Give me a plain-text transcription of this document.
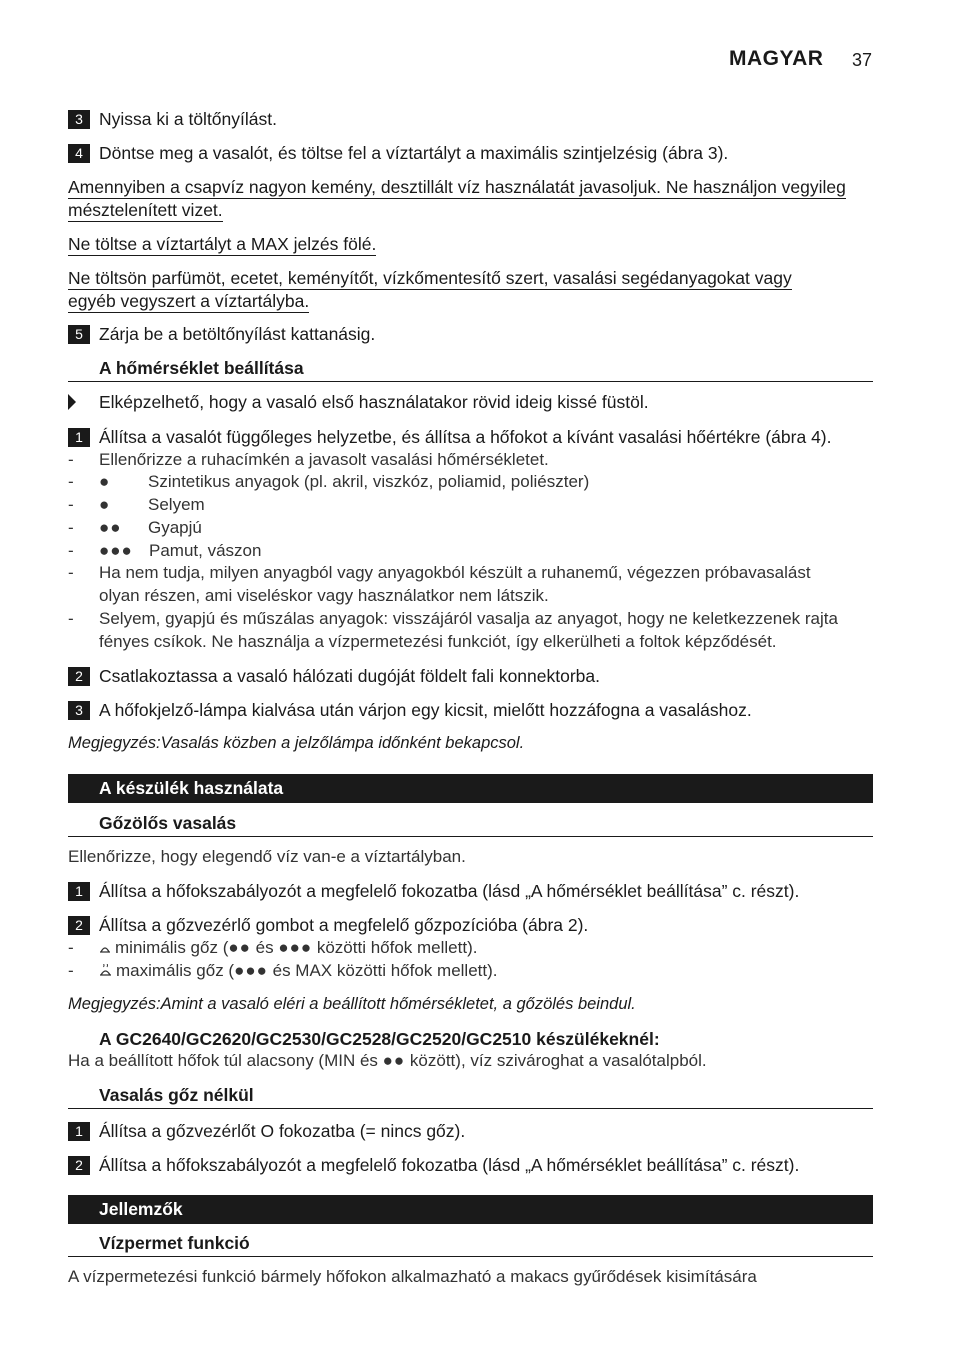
MAGYAR 37
3 Nyissa ki a töltőnyílást.
4 Döntse meg a vasalót, és töltse fel a víztartályt a maximális szintjelzésig (ábra 3).
Amennyiben a csapvíz nagyon kemény, desztillált víz használatát javasoljuk. Ne használjon vegyileg
mésztelenített vizet.
Ne töltse a víztartályt a MAX jelzés fölé.
Ne töltsön parfümöt, ecetet, keményítőt, vízkőmentesítő szert, vasalási segédanyagokat vagy
egyéb vegyszert a víztartályba.
5 Zárja be a betöltőnyílást kattanásig.
A hőmérséklet beállítása
Elképzelhető, hogy a vasaló első használatakor rövid ideig kissé füstöl.
1 Állítsa a vasalót függőleges helyzetbe, és állítsa a hőfokot a kívánt vasalási hőértékre (ábra 4).
- Ellenőrizze a ruhacímkén a javasolt vasalási hőmérsékletet.
- ● Szintetikus anyagok (pl. akril, viszkóz, poliamid, poliészter)
- ● Selyem
- ●● Gyapjú
- ●●● Pamut, vászon
- Ha nem tudja, milyen anyagból vagy anyagokból készült a ruhanemű, végezzen próbavasalást
olyan részen, ami viseléskor vagy használatkor nem látszik.
- Selyem, gyapjú és műszálas anyagok: visszájáról vasalja az anyagot, hogy ne keletkezzenek rajta
fényes csíkok. Ne használja a vízpermetezési funkciót, így elkerülheti a foltok képződését.
2 Csatlakoztassa a vasaló hálózati dugóját földelt fali konnektorba.
3 A hőfokjelző-lámpa kialvása után várjon egy kicsit, mielőtt hozzáfogna a vasaláshoz.
Megjegyzés:Vasalás közben a jelzőlámpa időnként bekapcsol.
A készülék használata
Gőzölős vasalás
Ellenőrizze, hogy elegendő víz van-e a víztartályban.
1 Állítsa a hőfokszabályozót a megfelelő fokozatba (lásd „A hőmérséklet beállítása” c. részt).
2 Állítsa a gőzvezérlő gombot a megfelelő gőzpozícióba (ábra 2).
-	minimális gőz (●● és ●●● közötti hőfok mellett).
-	maximális gőz (●●● és MAX közötti hőfok mellett).
Megjegyzés:Amint a vasaló eléri a beállított hőmérsékletet, a gőzölés beindul.
A GC2640/GC2620/GC2530/GC2528/GC2520/GC2510 készülékeknél:
Ha a beállított hőfok túl alacsony (MIN és ●● között), víz szivároghat a vasalótalpból.
Vasalás gőz nélkül
1 Állítsa a gőzvezérlőt O fokozatba (= nincs gőz).
2 Állítsa a hőfokszabályozót a megfelelő fokozatba (lásd „A hőmérséklet beállítása” c. részt).
Jellemzők
Vízpermet funkció
A vízpermetezési funkció bármely hőfokon alkalmazható a makacs gyűrődések kisimítására
